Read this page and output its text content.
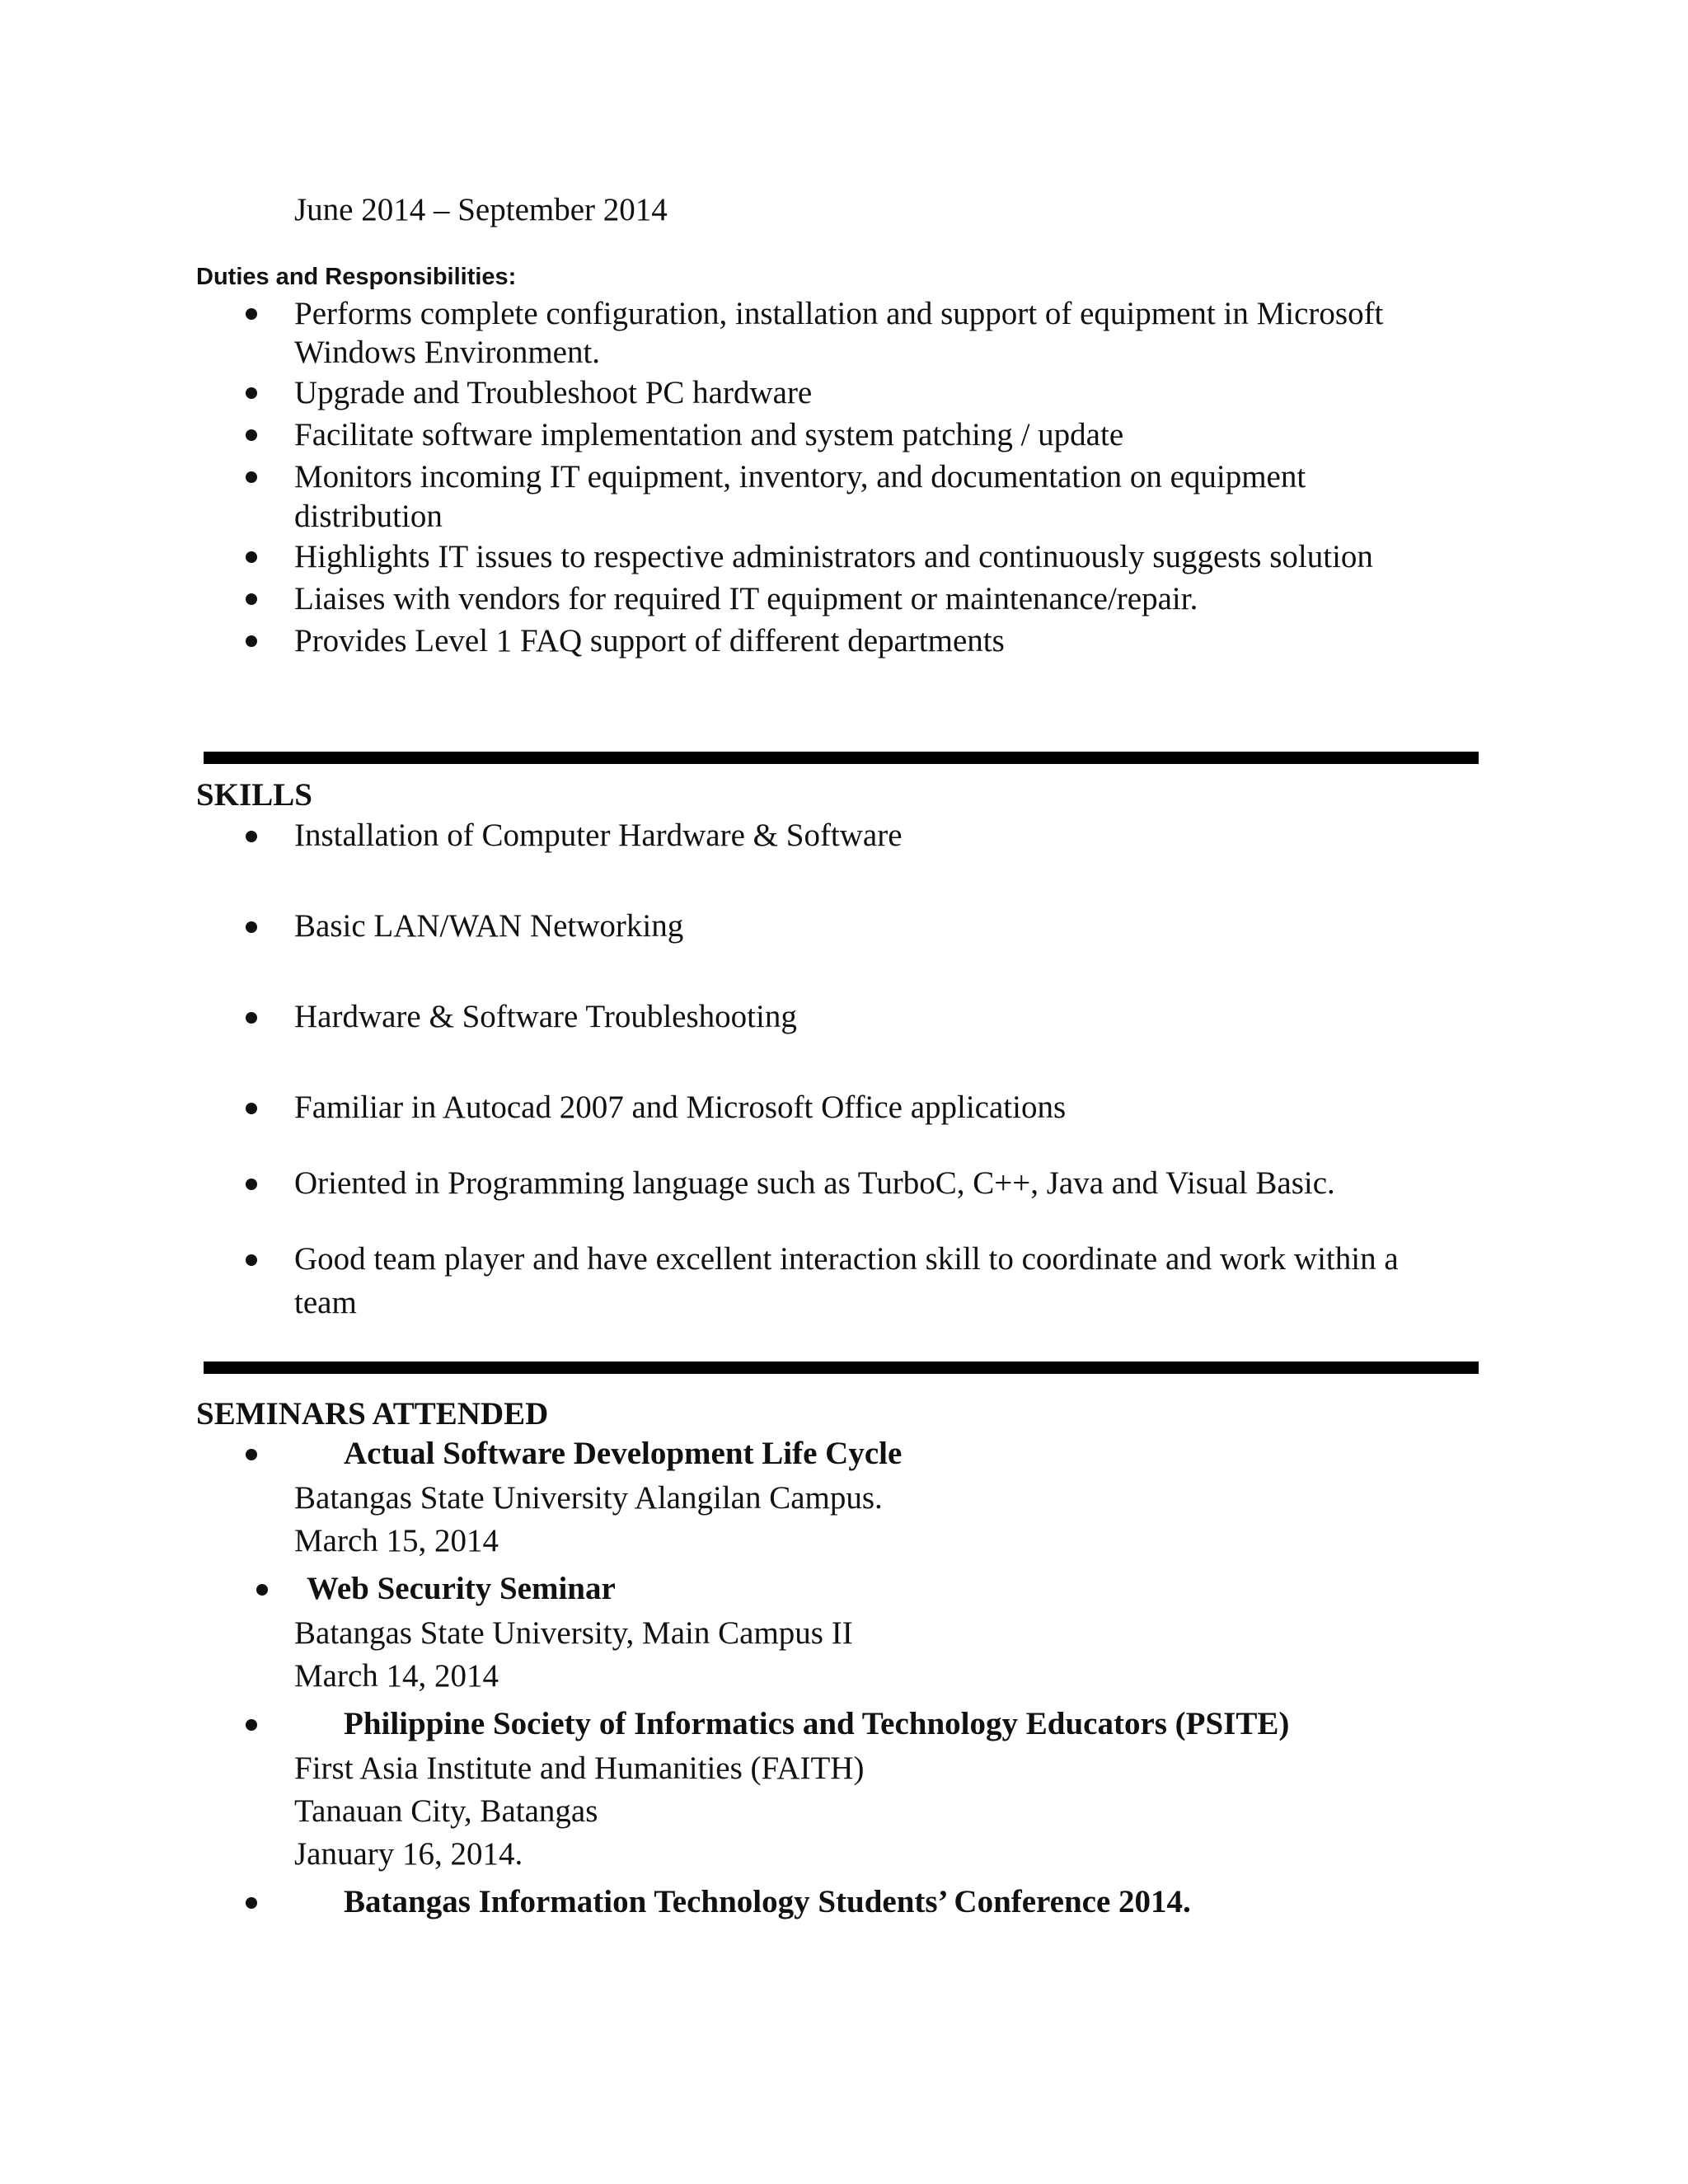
June 2014 – September 2014
Duties and Responsibilities:
Performs complete configuration, installation and support of equipment in Microsoft
Windows Environment.
Upgrade and Troubleshoot PC hardware
Facilitate software implementation and system patching / update
Monitors incoming IT equipment, inventory, and documentation on equipment
distribution
Highlights IT issues to respective administrators and continuously suggests solution
Liaises with vendors for required IT equipment or maintenance/repair.
Provides Level 1 FAQ support of different departments
SKILLS
Installation of Computer Hardware & Software
Basic LAN/WAN Networking
Hardware & Software Troubleshooting
Familiar in Autocad 2007 and Microsoft Office applications
Oriented in Programming language such as TurboC, C++, Java and Visual Basic.
Good team player and have excellent interaction skill to coordinate and work within a
team
SEMINARS ATTENDED
Actual Software Development Life Cycle
Batangas State University Alangilan Campus.
March 15, 2014
Web Security Seminar
Batangas State University, Main Campus II
March 14, 2014
Philippine Society of Informatics and Technology Educators (PSITE)
First Asia Institute and Humanities (FAITH)
Tanauan City, Batangas
January 16, 2014.
Batangas Information Technology Students’ Conference 2014.
